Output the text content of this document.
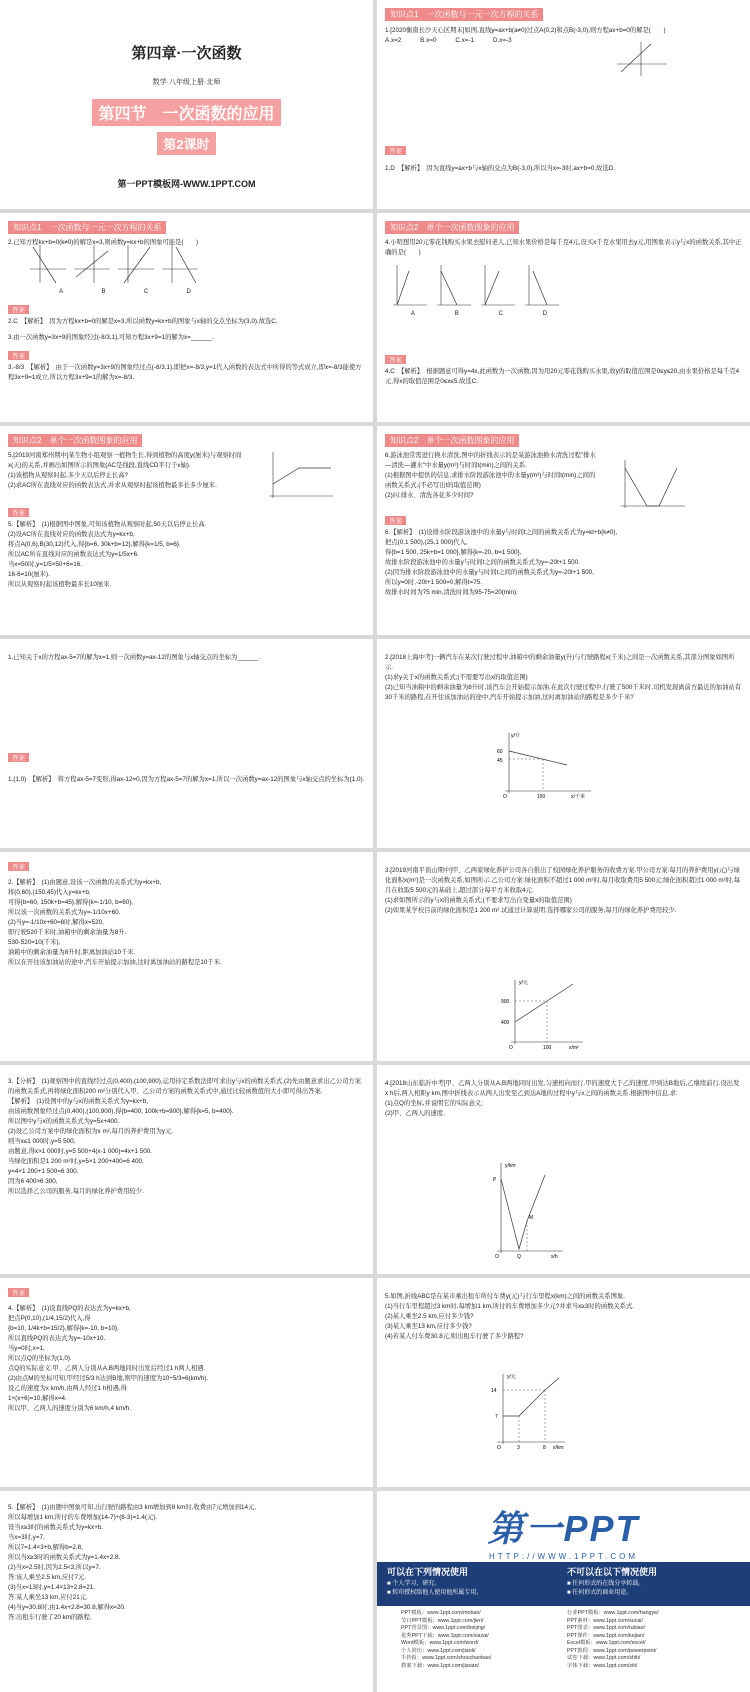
第四章·一次函数
数学·八年级上册·北师
第四节　一次函数的应用
第2课时
第一PPT模板网-WWW.1PPT.COM
知识点1　一次函数与一元一次方程的关系
1.[2020衡南长沙天心区期末]如图,直线y=ax+b(a≠0)过点A(0,2)和点B(-3,0),则方程ax+b=0的解是(　　)
A.x=2　　　B.x=0　　　C.x=-1　　　D.x=-3
答案
1.D　【解析】　因为直线y=ax+b与x轴的交点为B(-3,0),所以当x=-3时,ax+b=0.故选D.
知识点1　一次函数与一元一次方程的关系
2.已知方程kx+b=0(k≠0)的解是x=3,则函数y=kx+b的图象可能是(　　)
A	B	C	D
答案
2.C　【解析】　因为方程kx+b=0的解是x=3,所以函数y=kx+b的图象与x轴的交点坐标为(3,0).故选C.
3.由一次函数y=3x+9的图象经过(-8/3,1),可知方程3x+9=1的解为x=______.
答案
3.-8/3　【解析】　由于一次函数y=3x+9的图象经过点(-8/3,1),即把x=-8/3,y=1代入函数的表达式中所得的等式成立,即x=-8/3能使方程3x+9=1成立,所以方程3x+9=1的解为x=-8/3.
知识点2　单个一次函数图象的应用
4.小明想用20元零花钱购买水果去慰问老人,已知水果价格是每千克4元,设买x千克水果用去y元,用图象表示y与x的函数关系,其中正确的是(　　)
A	B	C	D
答案
4.C　【解析】　根据题意可得y=4x,此函数为一次函数,因为用20元零花钱购买水果,故y的取值范围是0≤y≤20,由水果价格是每千克4元,得x的取值范围是0≤x≤5.故选C.
知识点2　单个一次函数图象的应用
5.[2019河南郑州期中]某生物小组观察一植物生长,得到植物的高度y(厘米)与观察时间x(天)的关系,并画出如图所示的图象(AC是线段,直线CD平行于x轴).
(1)该植物从观察时起,多少天以后停止长高?
(2)求AC所在直线对应的函数表达式,并求从观察时起该植物最多长多少厘米.
答案
5.【解析】　(1)根据图中图象,可知该植物从观察时起,50天以后停止长高.
(2)设AC所在直线对应的函数表达式为y=kx+b,
将点A(0,6),B(30,12)代入,得{b=6, 30k+b=12},解得{k=1/5, b=6}.
所以AC所在直线对应的函数表达式为y=1/5x+6.
当x=50时,y=1/5×50+6=16.
16-6=10(厘米).
所以从观察时起该植物最多长10厘米.
知识点2　单个一次函数图象的应用
6.游泳池常需进行换水清洗,图中的折线表示的是某游泳池换水清洗过程"排水—清洗—灌水"中水量y(m³)与时间t(min)之间的关系.
(1)根据图中提供的信息,求排水阶段游泳池中的水量y(m³)与时间t(min)之间的函数关系式.(不必写出t的取值范围)
(2)问:排水、清洗各花多少时间?
答案
6.【解析】　(1)设排水阶段游泳池中的水量y与时间t之间的函数关系式为y=kt+b(k≠0),
把点(0,1 500),(25,1 000)代入,
得{b=1 500, 25k+b=1 000},解得{k=-20, b=1 500},
故排水阶段游泳池中的水量y与时间t之间的函数关系式为y=-20t+1 500.
(2)因为排水阶段游泳池中的水量y与时间t之间的函数关系式为y=-20t+1 500,
所以y=0时,-20t+1 500=0,解得t=75.
故排水时间为75 min,清洗时间为95-75=20(min).
1.已知关于x的方程ax-5=7的解为x=1,则一次函数y=ax-12的图象与x轴交点的坐标为______.
答案
1.(1,0)　【解析】　将方程ax-5=7变形,得ax-12=0,因为方程ax-5=7的解为x=1,所以一次函数y=ax-12的图象与x轴交点的坐标为(1,0).
2.[2018上海中考]一辆汽车在某次行驶过程中,油箱中的剩余油量y(升)与行驶路程x(千米)之间是一次函数关系,其部分图象如图所示.
(1)求y关于x的函数关系式;(不需要写出x的取值范围)
(2)已知当油箱中的剩余油量为8升时,该汽车会开始提示加油,在此次行驶过程中,行驶了500千米时,司机发现离前方最近的加油站有30千米的路程,在开往该加油站的途中,汽车开始提示加油,这时离加油站的路程是多少千米?
60
45
150
y/升
x/千米
O
答案
2.【解析】　(1)由题意,设该一次函数的关系式为y=kx+b,
将(0,60),(150,45)代入y=kx+b,
可得{b=60, 150k+b=45},解得{k=-1/10, b=60},
所以该一次函数的关系式为y=-1/10x+60.
(2)当y=-1/10x+60=8时,解得x=520,
即行驶520千米时,油箱中的剩余油量为8升.
530-520=10(千米),
油箱中的剩余油量为8升时,距离加油站10千米.
所以在开往该加油站的途中,汽车开始提示加油,这时离加油站的路程是10千米.
3.[2019河南平顶山期中]甲、乙两家绿化养护公司各自推出了校园绿化养护服务的收费方案.甲公司方案:每月的养护费用y(元)与绿化面积x(m²)是一次函数关系,如图所示.乙公司方案:绿化面积不超过1 000 m²时,每月收取费用5 500元;绿化面积超过1 000 m²时,每月在收取5 500元的基础上,超过部分每平方米收取4元.
(1)求如图所示的y与x的函数关系式;(不要求写出自变量x的取值范围)
(2)如果某学校目前的绿化面积是1 200 m².试通过计算说明:选择哪家公司的服务,每月的绿化养护费用较少.
y/元
900
400
100	x/m²
O
3.【分析】　(1)观察图中的直线经过点(0,400),(100,900),运用待定系数法即可求出y与x的函数关系式.(2)先由题意求出乙公司方案的函数关系式,再将绿化面积200 m²分别代入甲、乙公司方案的函数关系式中,通过比较函数值的大小即可得出答案.
【解析】　(1)设图中的y与x的函数关系式为y=kx+b,
由该函数图象经过点(0,400),(100,900),得{b=400, 100k+b=900},解得{k=5, b=400}.
所以图中y与x的函数关系式为y=5x+400.
(2)设乙公司方案中的绿化面积为x m²,每月的养护费用为y元.
则当x≤1 000时,y=5 500,
由题意,得x>1 000时,y=5 500+4(x-1 000)=4x+1 500.
当绿化面积是1 200 m²时,y=5×1 200+400=6 400,
y=4×1 200+1 500=6 300.
因为6 400>6 300,
所以选择乙公司的服务,每月的绿化养护费用较少.
4.[2018山东临沂中考]甲、乙两人分别从A,B两地同时出发,匀速相向而行.甲的速度大于乙的速度,甲到达B地后,乙继续前行.设出发x h后,两人相距y km,图中折线表示从两人出发至乙到达A地的过程中y与x之间的函数关系.根据图中信息,求:
(1)点Q的坐标,并说明它的实际意义;
(2)甲、乙两人的速度.
y/km
P
Q
M
O	x/h
答案
4.【解析】　(1)设直线PQ的表达式为y=kx+b,
把点P(0,10),(1/4,15/2)代入,得
{b=10, 1/4k+b=15/2},解得{k=-10, b=10},
所以直线PQ的表达式为y=-10x+10.
当y=0时,x=1,
所以点Q的坐标为(1,0).
点Q的实际意义:甲、乙两人分别从A,B两地同时出发后经过1 h两人相遇.
(2)由点M的坐标可知,甲经过5/3 h达到B地,则甲的速度为10÷5/3=6(km/h).
设乙的速度为x km/h,由两人经过1 h相遇,得
1×(x+6)=10,解得x=4.
所以甲、乙两人的速度分别为6 km/h,4 km/h.
5.如图,折线ABC是在某市乘出租车所付车费y(元)与行车里程x(km)之间的函数关系图象.
(1)当行车里程超过3 km时,每增加1 km,所付的车费增加多少元?并求当x≥3时的函数关系式.
(2)某人乘坐2.5 km,应付多少钱?
(3)某人乘坐13 km,应付多少钱?
(4)若某人付车费30.8元,则出租车行驶了多少路程?
y/元
14
7
O	3	8 x/km
5.【解析】　(1)由题中图象可知,出行驶的路程由3 km增加到8 km时,收费由7元增加到14元,
所以每增加1 km,所付的车费增加(14-7)÷(8-3)=1.4(元).
设当x≥3时的函数关系式为y=kx+b.
当x=3时,y=7,
所以7=1.4×3+b,解得b=2.8,
所以当x≥3时的函数关系式为y=1.4x+2.8.
(2)当x=2.5时,因为2.5<3,所以y=7.
答:该人乘坐2.5 km,应付7元.
(3)当x=13时,y=1.4×13+2.8=21.
答:某人乘坐13 km,应付21元.
(4)当y=30.8时,由1.4x+2.8=30.8,解得x=20.
答:出租车行驶了20 km的路程.
第一PPT
HTTP://WWW.1PPT.COM
可以在下列情况使用
■ 个人学习、研究。
■ 转印授权给他人使用他所属专用。
不可以在以下情况使用
■ 任何形式的在线分享转载。
■ 任何形式的商业用途。
PPT模板：www.1ppt.com/moban/
节日PPT模板：www.1ppt.com/jieri/
PPT背景图：www.1ppt.com/beijing/
优秀PPT下载：www.1ppt.com/xiazai/
Word模板：www.1ppt.com/word/
个人简历：www.1ppt.com/jianli/
手抄报：www.1ppt.com/shouchaobao/
教案下载：www.1ppt.com/jiaoan/
行业PPT模板：www.1ppt.com/hangye/
PPT素材：www.1ppt.com/sucai/
PPT图表：www.1ppt.com/tubiao/
PPT课件：www.1ppt.com/kejian/
Excel模板：www.1ppt.com/excel/
PPT教程：www.1ppt.com/powerpoint/
试卷下载：www.1ppt.com/shiti/
字体下载：www.1ppt.com/ziti/
